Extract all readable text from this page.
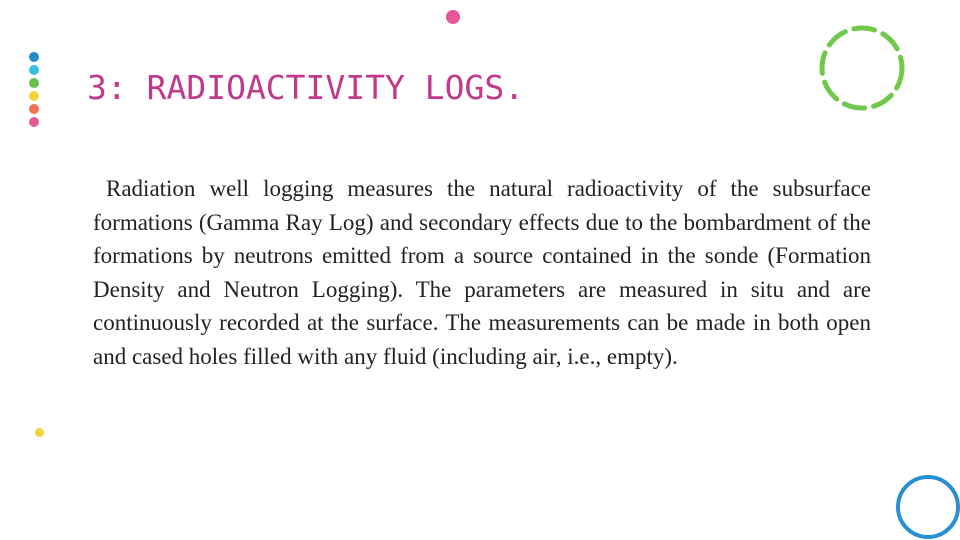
3: RADIOACTIVITY LOGS.

Radiation well logging measures the natural radioactivity of the subsurface formations (Gamma Ray Log) and secondary effects due to the bombardment of the formations by neutrons emitted from a source contained in the sonde (Formation Density and Neutron Logging). The parameters are measured in situ and are continuously recorded at the surface. The measurements can be made in both open and cased holes filled with any fluid (including air, i.e., empty).
